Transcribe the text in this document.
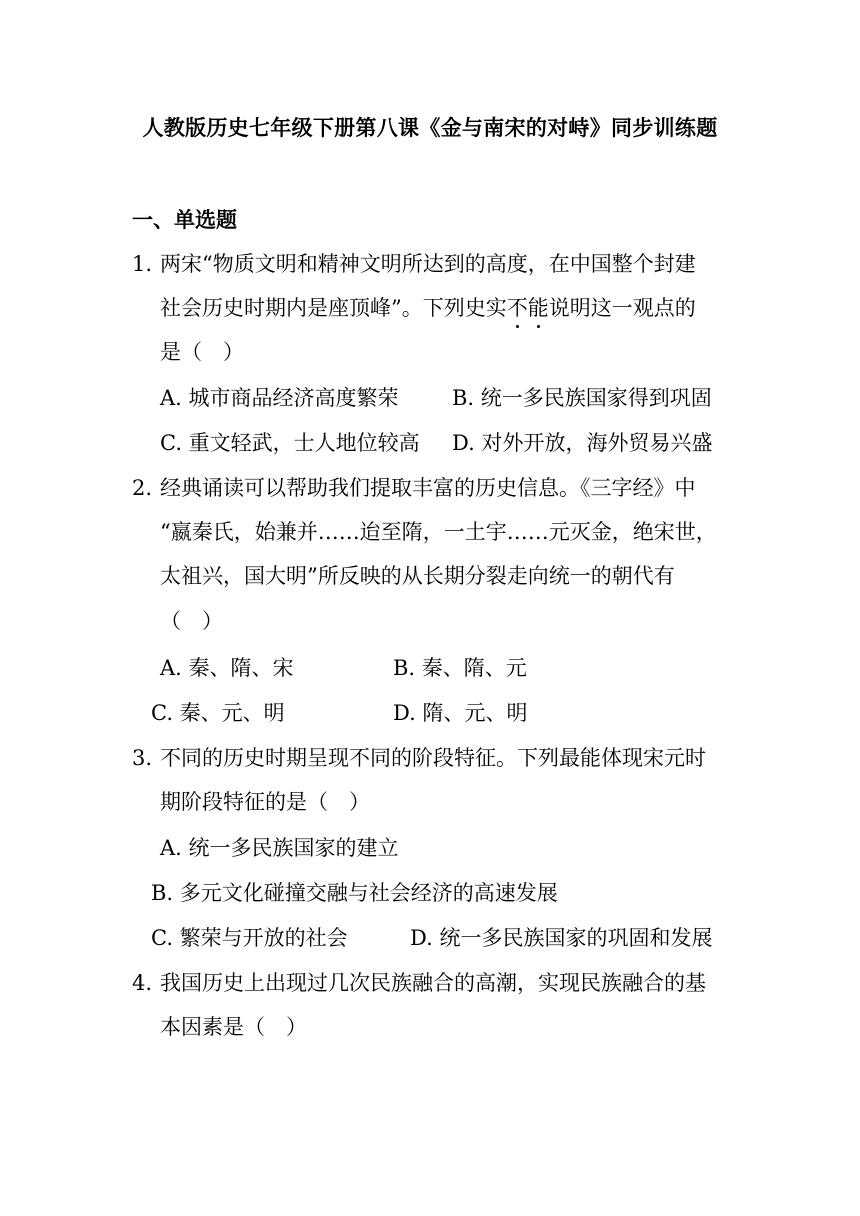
人教版历史七年级下册第八课《金与南宋的对峙》同步训练题
一、单选题
1. 两宋“物质文明和精神文明所达到的高度，在中国整个封建
社会历史时期内是座顶峰”。下列史实不能说明这一观点的
是（　）
A. 城市商品经济高度繁荣	B. 统一多民族国家得到巩固
C. 重文轻武，士人地位较高 D. 对外开放，海外贸易兴盛
2. 经典诵读可以帮助我们提取丰富的历史信息。《三字经》中
“嬴秦氏，始兼并……迨至隋，一土宇……元灭金，绝宋世，
太祖兴，国大明”所反映的从长期分裂走向统一的朝代有
（　）
A. 秦、隋、宋	B. 秦、隋、元
C. 秦、元、明	D. 隋、元、明
3. 不同的历史时期呈现不同的阶段特征。下列最能体现宋元时
期阶段特征的是（　）
A. 统一多民族国家的建立
B. 多元文化碰撞交融与社会经济的高速发展
C. 繁荣与开放的社会	D. 统一多民族国家的巩固和发展
4. 我国历史上出现过几次民族融合的高潮，实现民族融合的基
本因素是（　）
